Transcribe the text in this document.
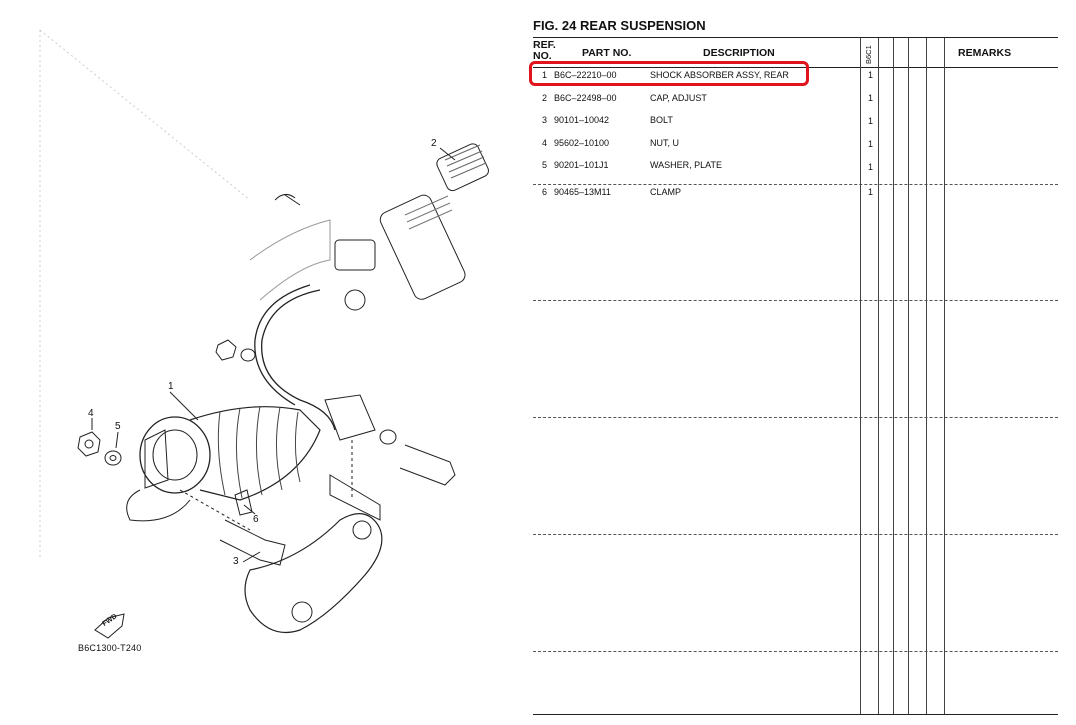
1
2
3
4
5
6
FWD
B6C1300-T240
FIG. 24 REAR SUSPENSION
REF. NO.	PART NO.	DESCRIPTION	B6C1	REMARKS
1 B6C–22210–00	SHOCK ABSORBER ASSY, REAR	1
2 B6C–22498–00	CAP, ADJUST	1
3 90101–10042	BOLT	1
4 95602–10100	NUT, U	1
5 90201–101J1	WASHER, PLATE	1
6 90465–13M11	CLAMP	1
